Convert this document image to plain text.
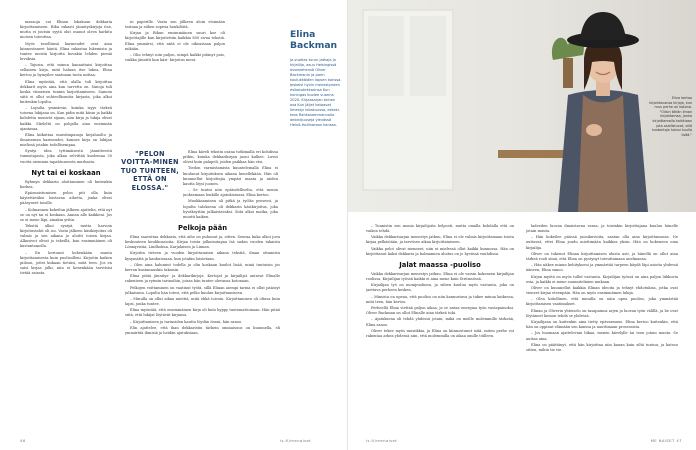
masaoja vai Elinan lokakuun dekkaria kirjoittamiseen. Riku rakasti jännityskirjoja itse, mutta ei joutsin syytä olut osanut oleva harkitu moisen toteuttaa.

Myös toselliinsä karmeudet ovat aina kiinnostaneet häntä. Elina rakastaa lukemista ja tuntee meistä kirjoitta kovakin lehden pieniä luvuksia.

– Tajusin, että minun kannattaisi kirjoittaa sellainen kirja, mitä haluan itse lukea, Elina kertoo ja hymyilee saatuaan tuota mittaa.

Elina myöntää, että alalla tuli kirjoittaa dekkarit myös aina kun tarvetta on. Sanoja tuli koska viimeisen tunnin kirjoittamiseen. Samoin siitä ei ollut suhteellisuutta kirjasta, joka alkoi kuitenkin lopulta.

– Lopulta ymmärsin, kuinka isyys tärkeä toisena lukijana on. Kun pidin mitä käsin ja kaikki kohdetta menivät sijaan, niin kirja ja lukija olivat kaikki. Mieleltä on pohjalla aina enemmän ajantasaa.

Elina kiikuttaa muistiinpanoja kirjahuolto ja ilmaiseman karmeudet, kunnes kirja on lukijan mielissä jotakin todellisempaa.

Syntyi idea tyttimäisestä jännitteestä tunnistajasta, joka alkaa selvittää kuolemaa 30 vuotta aiemmin tapahtuneesta murhasta.

Nyt tai ei koskaan

Ryhmyn dekkarin aloittaminen oli kuitenkin korkea.

Epäonnistumisen pelon piti olla kuin käytettäväksi loistavaa aihetta, jonka olivat pääsyneet toisille.

– Kolmannen kokeilun jälkeen ajattelin, että nyt se on nyt tai ei koskaan. Annan alle kaikkeni. Jos se ei mene läpi, ainakin yritin.

Tekstiä alkoi syntyä, mutta harvoin kirjoitustahti oli iso. Vasta jälkeen käsikirjoitus oli valmis ja sen aikana jo aloitti toisen kirjan. Alkusivut olivat jo tekeillä, kun ensimmäinen oli kustantamolla.

– En kertonut kehenkään muuta kirjoittamisesta kuin puolisolleni. Kirjoitin kaiken piiloon, jottei kukaan tietäisi, mitä teen. Jos en saisi kirjaa julki, niin ei kenenkään tarvitsisi tietää asiasta.

ni paperille. Vasta sen jälkeen aloin etsimään tarinaa ja siihen sopivia henkilöitä.

Kirjan ja Rikun ensimmäinen suuri koe oli kirjoittajille kun kirjoitettiin kaikkia 800 sivua tekstiä. Elina ymmärsi, että niitä ei ole oikeastaan paljon mikään.

– Olin tehnyt niin paljon, niinpä kaikki pitänyt pois, vaikka jännitti kun käsi- kirjoitus meni.

"PELON VOITTA-MINEN TUO TUNTEEN, ETTÄ ON ELOSSA."

Elina käveli tekstin osana tutkimalla eri kohdissa pitkin, kuinka dekkarikirjan juoni kulkee. Luvut olivat kuin palapeli, joiden paikkaa hän etsi.

Tiedon varmistamista kuuntelemalla Elina ei kuulunut kirjoituksen aikana kenellekään. Hän oli kuunnellut kirjoittajia ympäri maata ja niiden kautta löysi juonen.

– Se tuntui niin epätodelliselta, että menin juoksemaan lenkille ajatuksissani, Elina kertoo.

Muokkaaminen oli pitkä ja työläs prosessi, ja lopulta tuloksena oli dekkarin käsikirjoitus, joka hyväksyttiin julkaistavaksi. Siitä alkoi matka, joka muutti kaiken.

Pelkoja pään

Elina saavuttaa dekkarin, että aihe on puhunut ja, sitten. Seuraa kuka alkoi joen keskuuteen keuhkoasioita. Kirjaa toista julkaisutapaa Isä sadan vuoden takaista Lönnqvistia, Lindholma, Karjalaisen ja Linnan.

Kirjoitin tieteen ja vuoden kirjoittamisen aikana tekstiä, ilman ottamista kysymättä ja kauhuissaan, kun jotakin loistetaan.

– Olen aina halunnut todella ja olin koskaan kuulut lisää, minä tuntuisin jos kerron kustannuskin takaisin.

Elina pitää jännitys- ja dekkarikirjoja. Kertojat ja kirjailijat antavat Elinalle rakenteen ja rytmin tarinoihin, joissa hän tuntee olevansa kotonaan.

Pelkojen voittaminen on vaatinut työtä, sillä Elinan aiempi tarina ei ollut päässyt julkaisuun. Lopulta hän totesi, että pelko kuuluu kirjoittamiseen.

– Minulla on ollut aikaa miettiä, mitä ehkä toivoin. Kirjoittamisen oli oltava kuin lapsi, jonka tuntee.

Elina myöntää, että ensimmäinen kirja oli kuin hyppy tuntemattomaan. Hän pitää siitä, että lukijat löytävät kirjansa.

– Kirjoittamisen ja tarinoiden kautta löydän itseni, hän sanoo.

Elin ajattelee, että ihan dekkaristin tärkein ominaisuus on kuunnella, eli ymmärtää ihmisiä ja heidän ajatuksiaan.

Elina Backman
ja-vuotias turun jatkaja ja kirjailija, asuu Helsingissä avomiehensä Oliver Backmanin ja parin koulukkäiden lapsen kanssa. Jeskeisi hyvin menestyneen esikoisdekkarinsa Kun kuningas kuolee vuonna 2020. Kirjaasarjan toinen osa Kun jäljet katoavat ilmestyi lokakuussa, eskeki- teos Rahkasammannolla debridjuuseja ylevässä Heinä-Hollinaroon kanssa.
46	is.fi/menaiset
Elina kertoo kirjoittavansa kirjoja, kun muu perhe on kotona. "Olisin tähän ilman kirjoittamaa, jonka kirjoittamalla kaikkiaan jota osallistuvat, sillä kustantaja halusi kuulla lisää."

– Tunnistin sen monia kirjailijoita helposti, mutta omalla kohdalla että on vaikea tehdä.

Vaikka dekkarisarjan menestys jatkuu, Elina ei ole valmis kirjoittamaan toista kirjaa pelkästään, ja tarvitsee aikaa kirjoittamiseen.

Vaikka pelot olivat menneet, niin ei mielessä ollut kaikki kunnossa. Hän on kirjoittanut kaksi dekkaria ja kolmannen aloitus on jo hyvässä vauhdissa.

Jalat maassa -puoliso

Vaikka dekkarisarjan menestys jatkuu, Elina ei ole varsin kokeneen kirjailijan roolissa. Kirjailijan työssä kaikki ei aina mene kuin Strömsössä.

Kirjailijan työ on monipuolinen, ja siihen kuuluu myös vastuuta, joka on jaettava perheen kesken.

– Minusta on upeaa, että puoliso on niin kannustava ja tukee minua kaikessa, mitä teen, hän kertoo.

Perheellä Elina viettää paljon aikaa, ja se antaa energiaa työn vastapainoksi. Oliver Backman on ollut Elinalle aina tärkeä tuki.

– Ajatuksena oli tehdä yhdessä jotain, mikä on meille molemmille tärkeää, Elina sanoo.

Oliver tekee myös musiikkia, ja Elina on kiinnostunut siitä, miten perhe voi rakentaa arkea yhdessä niin, että molemmilla on aikaa omille töilleen.

ladeeden luovaa ilmaistavaa varaa, ja toisinkin kirjoittajana kuuluu hänelle jotain muuta.

– Hän kokeilee päässä juonikuvioita, saatan olla aina kirjoittamassa. Ne auttavat, ettei Elina joudu miettimään kaikkea yksin. Hän on kokeneen oma kirjailija.

Oliver on tukenut Elinan kirjoittamisen alusta asti, ja hänellä on ollut aina tärkeä rooli siinä, että Elina on pystynyt toteuttamaan unelmansa.

– Hän näkee minun kehitykseni ja ymmärtää tarpeen käydä läpi asioita yhdessä ääneen, Elina sanoo.

Kirjan myötä on myös tullut vastuuta. Kirjailijan työssä on aina paljon liikkuvia osia, ja kaikki ei mene suunnitelmien mukaan.

Oliver on kuunnellut kaikkia Elinan ideoita ja tehnyt ehdotuksia, jotka ovat vieneet kirjaa eteenpäin. Hän on myös ensimmäinen lukija.

– Olen kiitollinen, että minulla on näin upea puoliso, joka ymmärtää kirjoittamisen vaatimukset.

Elinan ja Oliverin yhteiselo on tasapainoa arjen ja luovan työn välillä, ja he ovat löytäneet keinon tehdä se yhdessä.

Kirjailijana on kuitenkin aina tietty epävarmuus. Elina kertoo kuitenkin, että hän on oppinut elämään sen kanssa ja nauttimaan prosessista.

– Jos huomaan ajattelevani liikaa, menen kävelylle tai teen jotain muuta. Se auttaa aina.

Elina on päättänyt, että hän kirjoittaa niin kauan kuin siltä tuntuu, ja katsoo sitten, mihin tie vie.

is.fi/menaiset	ME NAISET 47
